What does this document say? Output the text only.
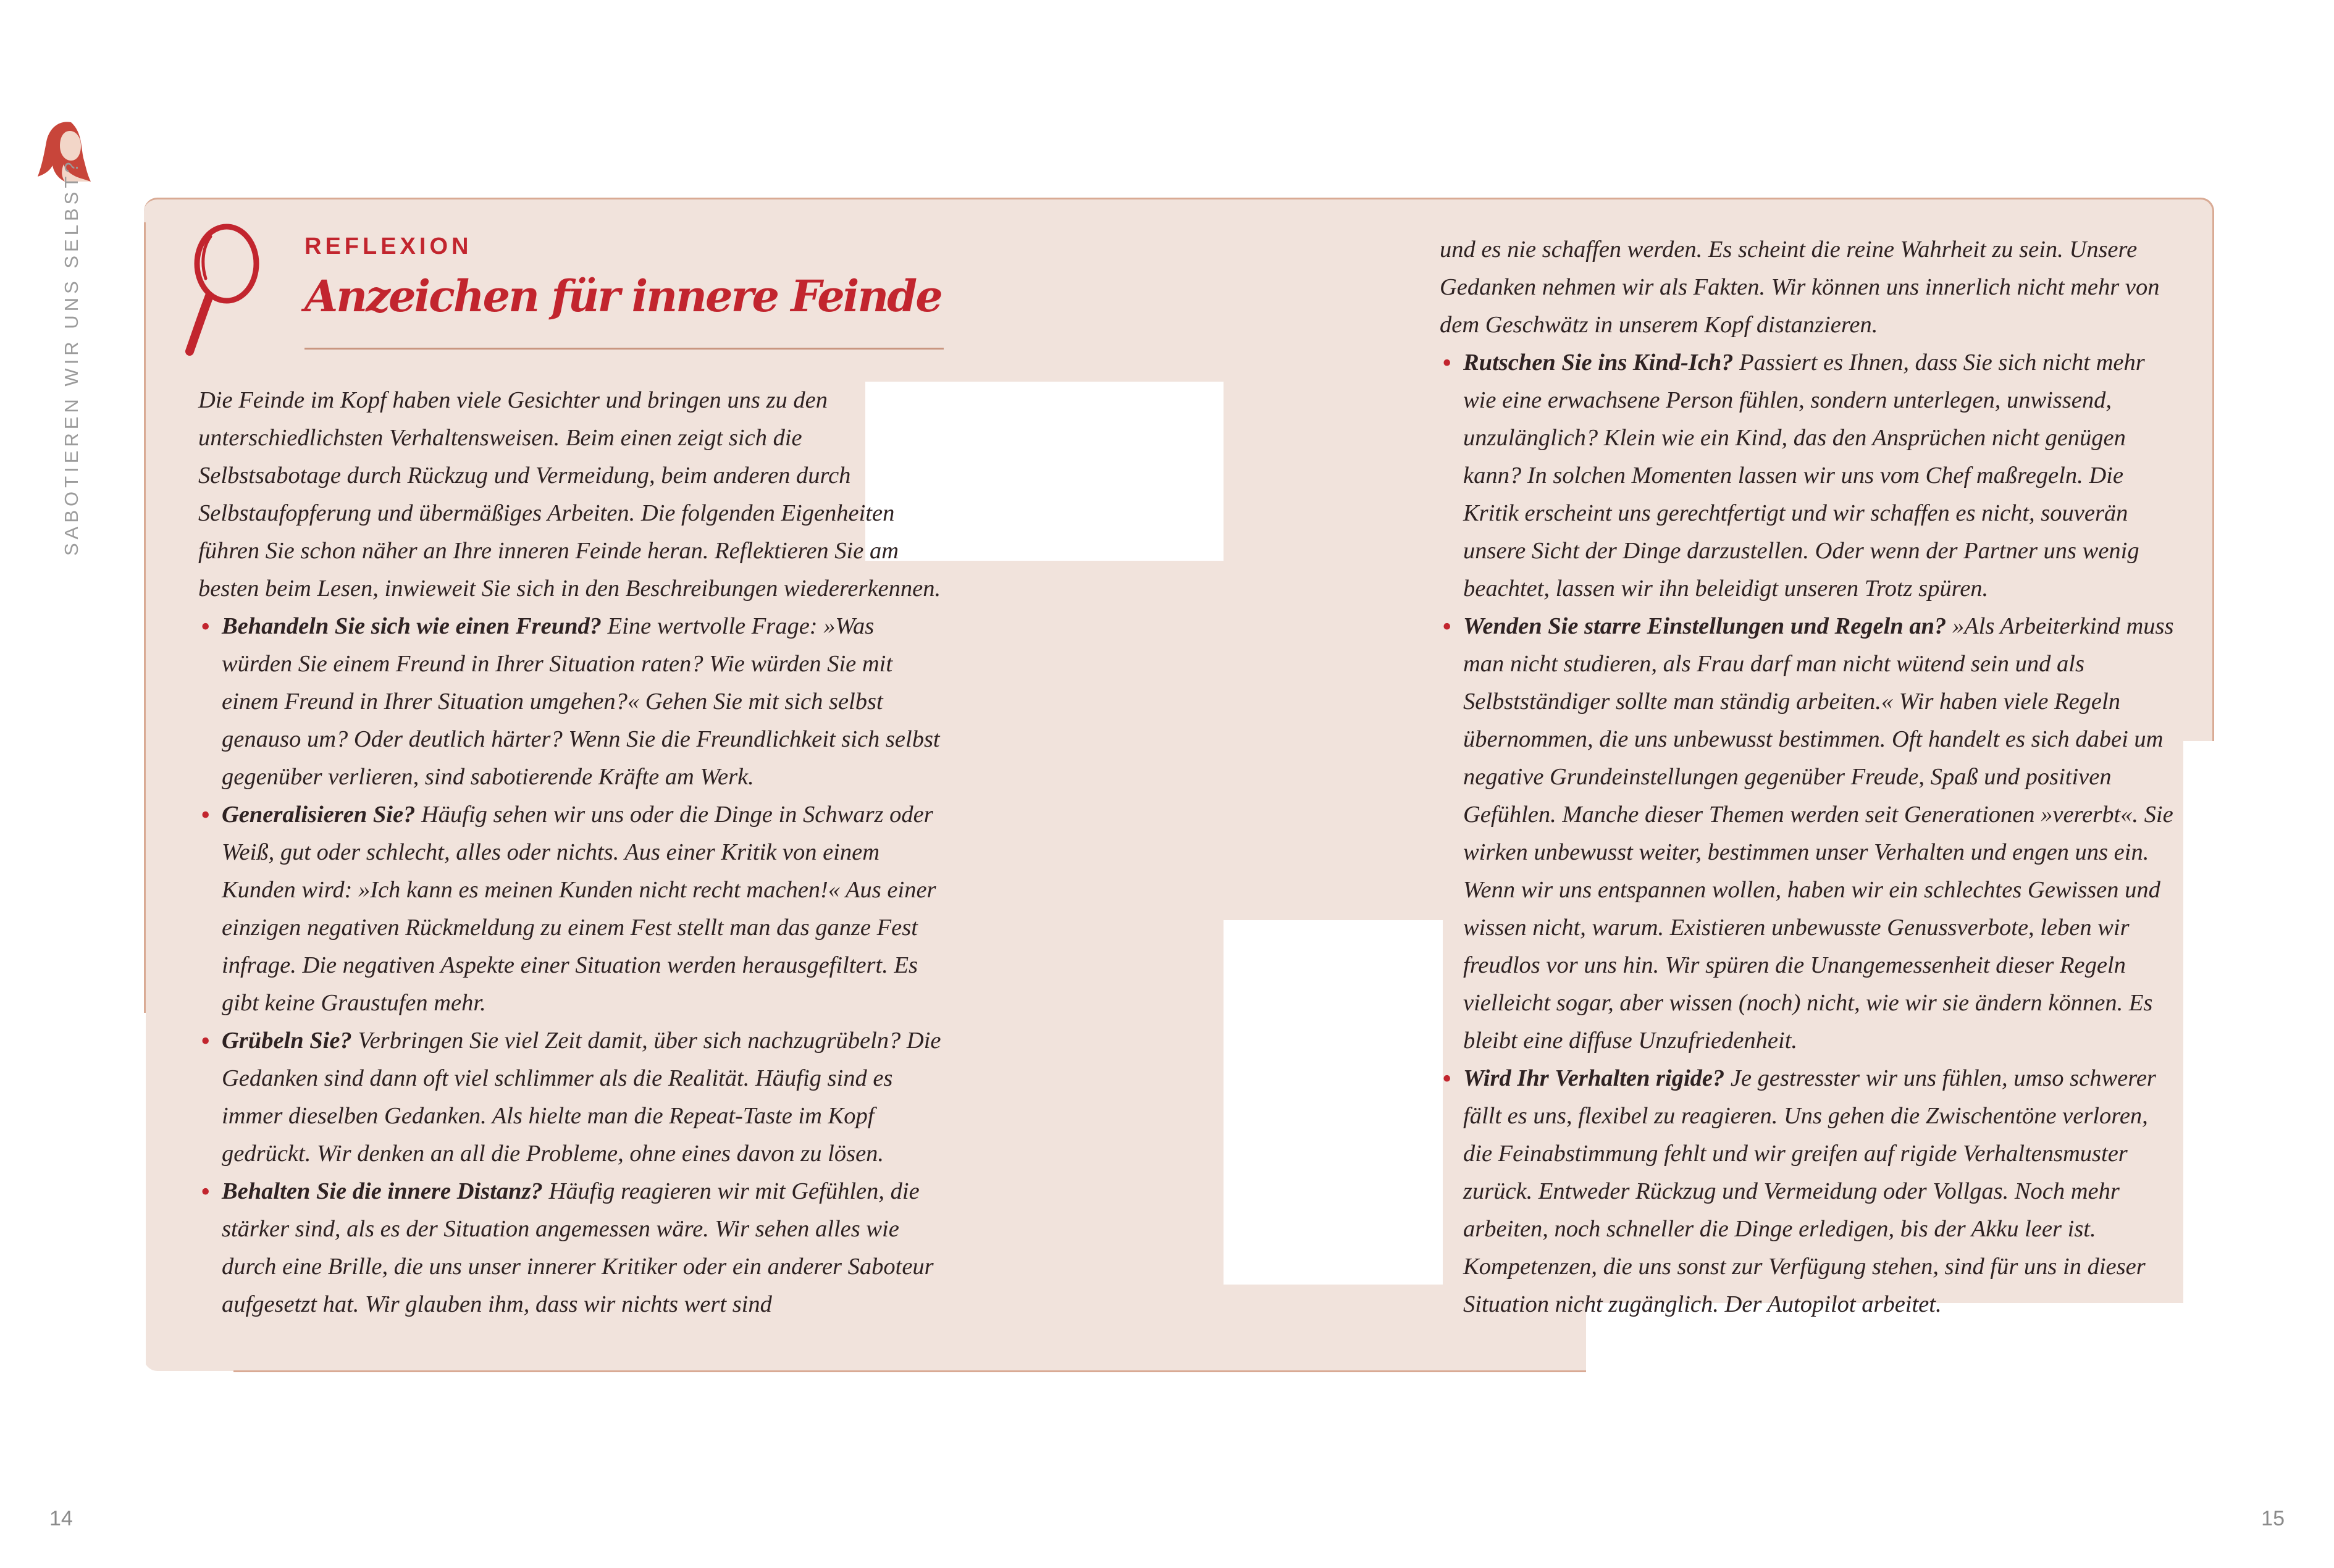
SABOTIEREN WIR UNS SELBST?
14	15
REFLEXION
Anzeichen für innere Feinde

Die Feinde im Kopf haben viele Gesichter und bringen uns zu den unterschiedlichsten Verhaltensweisen. Beim einen zeigt sich die Selbstsabotage durch Rückzug und Vermeidung, beim anderen durch Selbstaufopferung und übermäßiges Arbeiten. Die folgenden Eigenheiten führen Sie schon näher an Ihre inneren Feinde heran. Reflektieren Sie am besten beim Lesen, inwieweit Sie sich in den Beschreibungen wiedererkennen.

• Behandeln Sie sich wie einen Freund? Eine wertvolle Frage: »Was würden Sie einem Freund in Ihrer Situation raten? Wie würden Sie mit einem Freund in Ihrer Situation umgehen?« Gehen Sie mit sich selbst genauso um? Oder deutlich härter? Wenn Sie die Freundlichkeit sich selbst gegenüber verlieren, sind sabotierende Kräfte am Werk.
• Generalisieren Sie? Häufig sehen wir uns oder die Dinge in Schwarz oder Weiß, gut oder schlecht, alles oder nichts. Aus einer Kritik von einem Kunden wird: »Ich kann es meinen Kunden nicht recht machen!« Aus einer einzigen negativen Rückmeldung zu einem Fest stellt man das ganze Fest infrage. Die negativen Aspekte einer Situation werden herausgefiltert. Es gibt keine Graustufen mehr.
• Grübeln Sie? Verbringen Sie viel Zeit damit, über sich nachzugrübeln? Die Gedanken sind dann oft viel schlimmer als die Realität. Häufig sind es immer dieselben Gedanken. Als hielte man die Repeat-Taste im Kopf gedrückt. Wir denken an all die Probleme, ohne eines davon zu lösen.
• Behalten Sie die innere Distanz? Häufig reagieren wir mit Gefühlen, die stärker sind, als es der Situation angemessen wäre. Wir sehen alles wie durch eine Brille, die uns unser innerer Kritiker oder ein anderer Saboteur aufgesetzt hat. Wir glauben ihm, dass wir nichts wert sind

und es nie schaffen werden. Es scheint die reine Wahrheit zu sein. Unsere Gedanken nehmen wir als Fakten. Wir können uns innerlich nicht mehr von dem Geschwätz in unserem Kopf distanzieren.

• Rutschen Sie ins Kind-Ich? Passiert es Ihnen, dass Sie sich nicht mehr wie eine erwachsene Person fühlen, sondern unterlegen, unwissend, unzulänglich? Klein wie ein Kind, das den Ansprüchen nicht genügen kann? In solchen Momenten lassen wir uns vom Chef maßregeln. Die Kritik erscheint uns gerechtfertigt und wir schaffen es nicht, souverän unsere Sicht der Dinge darzustellen. Oder wenn der Partner uns wenig beachtet, lassen wir ihn beleidigt unseren Trotz spüren.
• Wenden Sie starre Einstellungen und Regeln an? »Als Arbeiterkind muss man nicht studieren, als Frau darf man nicht wütend sein und als Selbstständiger sollte man ständig arbeiten.« Wir haben viele Regeln übernommen, die uns unbewusst bestimmen. Oft handelt es sich dabei um negative Grundeinstellungen gegenüber Freude, Spaß und positiven Gefühlen. Manche dieser Themen werden seit Generationen »vererbt«. Sie wirken unbewusst weiter, bestimmen unser Verhalten und engen uns ein. Wenn wir uns entspannen wollen, haben wir ein schlechtes Gewissen und wissen nicht, warum. Existieren unbewusste Genussverbote, leben wir freudlos vor uns hin. Wir spüren die Unangemessenheit dieser Regeln vielleicht sogar, aber wissen (noch) nicht, wie wir sie ändern können. Es bleibt eine diffuse Unzufriedenheit.
• Wird Ihr Verhalten rigide? Je gestresster wir uns fühlen, umso schwerer fällt es uns, flexibel zu reagieren. Uns gehen die Zwischentöne verloren, die Feinabstimmung fehlt und wir greifen auf rigide Verhaltensmuster zurück. Entweder Rückzug und Vermeidung oder Vollgas. Noch mehr arbeiten, noch schneller die Dinge erledigen, bis der Akku leer ist. Kompetenzen, die uns sonst zur Verfügung stehen, sind für uns in dieser Situation nicht zugänglich. Der Autopilot arbeitet.
